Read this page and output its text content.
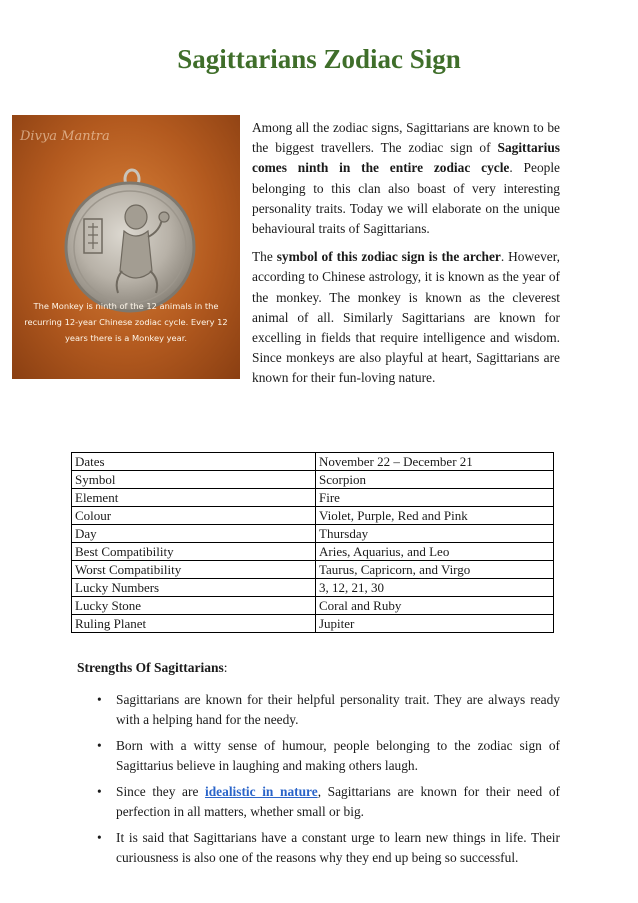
Sagittarians Zodiac Sign
Divya Mantra
The Monkey is ninth of the 12 animals in the recurring 12-year Chinese zodiac cycle. Every 12 years there is a Monkey year.

Among all the zodiac signs, Sagittarians are known to be the biggest travellers. The zodiac sign of Sagittarius comes ninth in the entire zodiac cycle. People belonging to this clan also boast of very interesting personality traits. Today we will elaborate on the unique behavioural traits of Sagittarians.

The symbol of this zodiac sign is the archer. However, according to Chinese astrology, it is known as the year of the monkey. The monkey is known as the cleverest animal of all. Similarly Sagittarians are known for excelling in fields that require intelligence and wisdom. Since monkeys are also playful at heart, Sagittarians are known for their fun-loving nature.

Dates	November 22 – December 21
Symbol	Scorpion
Element	Fire
Colour	Violet, Purple, Red and Pink
Day	Thursday
Best Compatibility	Aries, Aquarius, and Leo
Worst Compatibility	Taurus, Capricorn, and Virgo
Lucky Numbers	3, 12, 21, 30
Lucky Stone	Coral and Ruby
Ruling Planet	Jupiter
Strengths Of Sagittarians:
• Sagittarians are known for their helpful personality trait. They are always ready with a helping hand for the needy.
• Born with a witty sense of humour, people belonging to the zodiac sign of Sagittarius believe in laughing and making others laugh.
• Since they are idealistic in nature, Sagittarians are known for their need of perfection in all matters, whether small or big.
• It is said that Sagittarians have a constant urge to learn new things in life. Their curiousness is also one of the reasons why they end up being so successful.
